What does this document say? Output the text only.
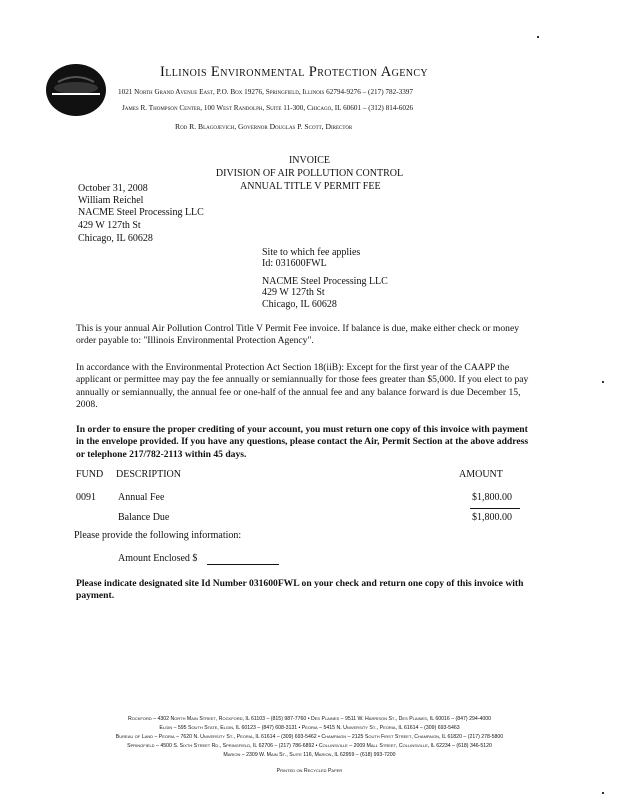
Illinois Environmental Protection Agency
1021 North Grand Avenue East, P.O. Box 19276, Springfield, Illinois 62794-9276 – (217) 782-3397
James R. Thompson Center, 100 West Randolph, Suite 11-300, Chicago, IL 60601 – (312) 814-6026
Rod R. Blagojevich, Governor Douglas P. Scott, Director
INVOICE
DIVISION OF AIR POLLUTION CONTROL
ANNUAL TITLE V PERMIT FEE
October 31, 2008
William Reichel
NACME Steel Processing LLC
429 W 127th St
Chicago, IL 60628
Site to which fee applies
Id: 031600FWL
NACME Steel Processing LLC
429 W 127th St
Chicago, IL 60628
This is your annual Air Pollution Control Title V Permit Fee invoice. If balance is due, make either check or money order payable to: "Illinois Environmental Protection Agency".
In accordance with the Environmental Protection Act Section 18(iiB): Except for the first year of the CAAPP the applicant or permittee may pay the fee annually or semiannually for those fees greater than $5,000. If you elect to pay annually or semiannually, the annual fee or one-half of the annual fee and any balance forward is due December 15, 2008.
In order to ensure the proper crediting of your account, you must return one copy of this invoice with payment in the envelope provided. If you have any questions, please contact the Air, Permit Section at the above address or telephone 217/782-2113 within 45 days.
FUND DESCRIPTION	AMOUNT
0091 Annual Fee	$1,800.00
Balance Due	$1,800.00
Please provide the following information:
Amount Enclosed $
Please indicate designated site Id Number 031600FWL on your check and return one copy of this invoice with payment.
Rockford – 4302 North Main Street, Rockford, IL 61103 – (815) 987-7760 • Des Plaines – 9511 W. Harrison St., Des Plaines, IL 60016 – (847) 294-4000
Elgin – 595 South State, Elgin, IL 60123 – (847) 608-3131 • Peoria – 5415 N. University St., Peoria, IL 61614 – (309) 693-5463
Bureau of Land – Peoria – 7620 N. University St., Peoria, IL 61614 – (309) 693-5462 • Champaign – 2125 South First Street, Champaign, IL 61820 – (217) 278-5800
Springfield – 4500 S. Sixth Street Rd., Springfield, IL 62706 – (217) 786-6892 • Collinsville – 2009 Mall Street, Collinsville, IL 62234 – (618) 346-5120
Marion – 2309 W. Main St., Suite 116, Marion, IL 62959 – (618) 993-7200
Printed on Recycled Paper
